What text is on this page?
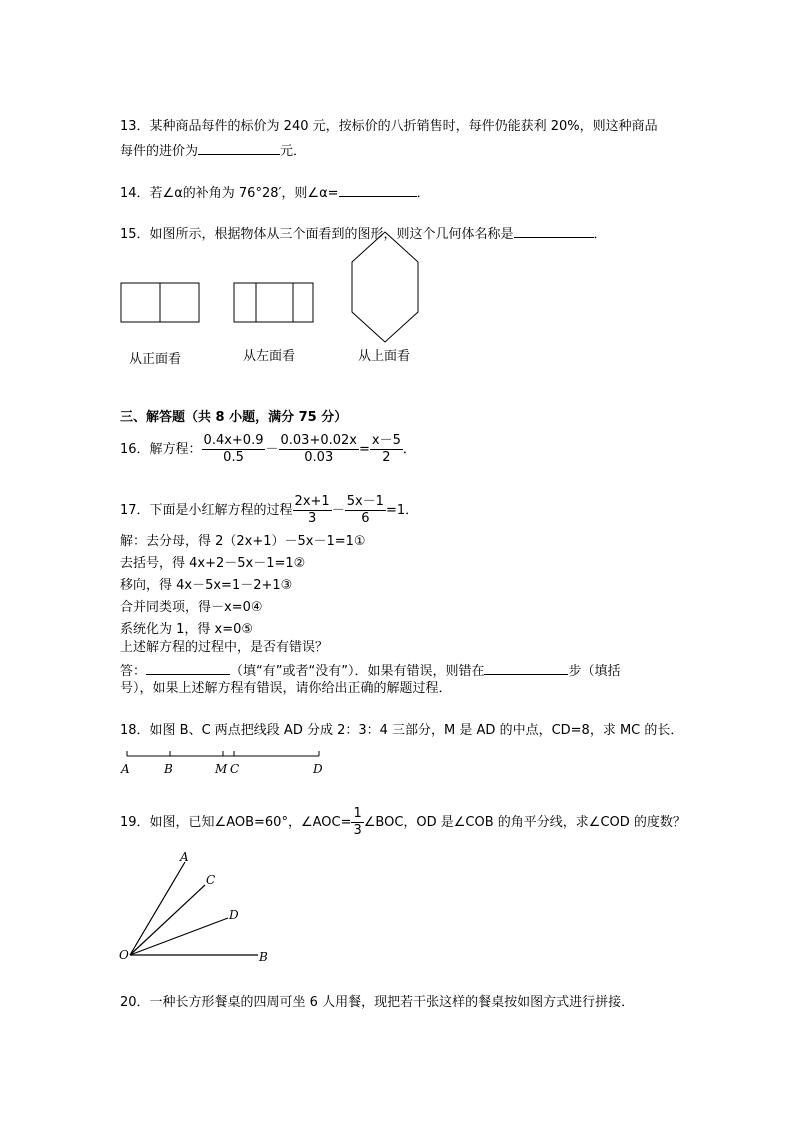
13．某种商品每件的标价为 240 元，按标价的八折销售时，每件仍能获利 20%，则这种商品
每件的进价为	元．
14．若∠α的补角为 76°28′，则∠α=	．
15．如图所示，根据物体从三个面看到的图形，则这个几何体名称是	．
从正面看	从左面看	从上面看
三、解答题（共 8 小题，满分 75 分）
16．解方程： $\frac{0.4x+0.9}{0.5} - \frac{0.03+0.02x}{0.03} = \frac{x-5}{2}$ ．
17．下面是小红解方程的过程 $\frac{2x+1}{3} - \frac{5x-1}{6} =1$．
解：去分母，得 2（2x+1）－5x－1=1①
去括号，得 4x+2－5x－1=1②
移向，得 4x－5x=1－2+1③
合并同类项，得－x=0④
系统化为 1，得 x=0⑤
上述解方程的过程中，是否有错误？
答：	（填“有”或者“没有”）．如果有错误，则错在	步（填括
号），如果上述解方程有错误，请你给出正确的解题过程．
18．如图 B、C 两点把线段 AD 分成 2：3：4 三部分，M 是 AD 的中点，CD=8，求 MC 的长．
A	B	M C	D
19．如图，已知∠AOB=60°，∠AOC= $\frac{1}{3}$ ∠BOC，OD 是∠COB 的角平分线，求∠COD 的度数？
A
C
D
O	B
20．一种长方形餐桌的四周可坐 6 人用餐，现把若干张这样的餐桌按如图方式进行拼接．
